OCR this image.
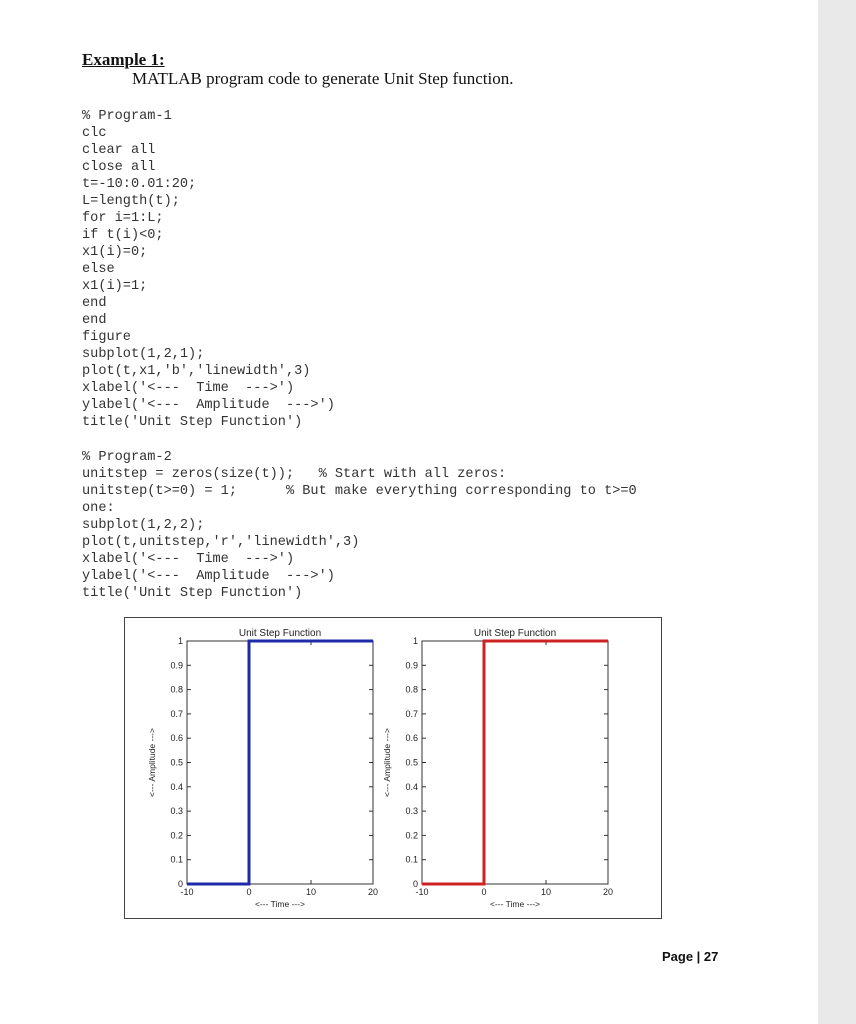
Example 1:
MATLAB program code to generate Unit Step function.
% Program-1
clc
clear all
close all
t=-10:0.01:20;
L=length(t);
for i=1:L;
if t(i)<0;
x1(i)=0;
else
x1(i)=1;
end
end
figure
subplot(1,2,1);
plot(t,x1,'b','linewidth',3)
xlabel('<---  Time  --->')
ylabel('<---  Amplitude  --->')
title('Unit Step Function')

% Program-2
unitstep = zeros(size(t));   % Start with all zeros:
unitstep(t>=0) = 1;      % But make everything corresponding to t>=0
one:
subplot(1,2,2);
plot(t,unitstep,'r','linewidth',3)
xlabel('<---  Time  --->')
ylabel('<---  Amplitude  --->')
title('Unit Step Function')

0
0.1
0.2
0.3
0.4
0.5
0.6
0.7
0.8
0.9
1
-10	0	10	20
Unit Step Function
<--- Time --->
<--- Amplitude --->
0
0.1
0.2
0.3
0.4
0.5
0.6
0.7
0.8
0.9
1
-10	0	10	20
Unit Step Function
<--- Time --->
<--- Amplitude --->
Page | 27
